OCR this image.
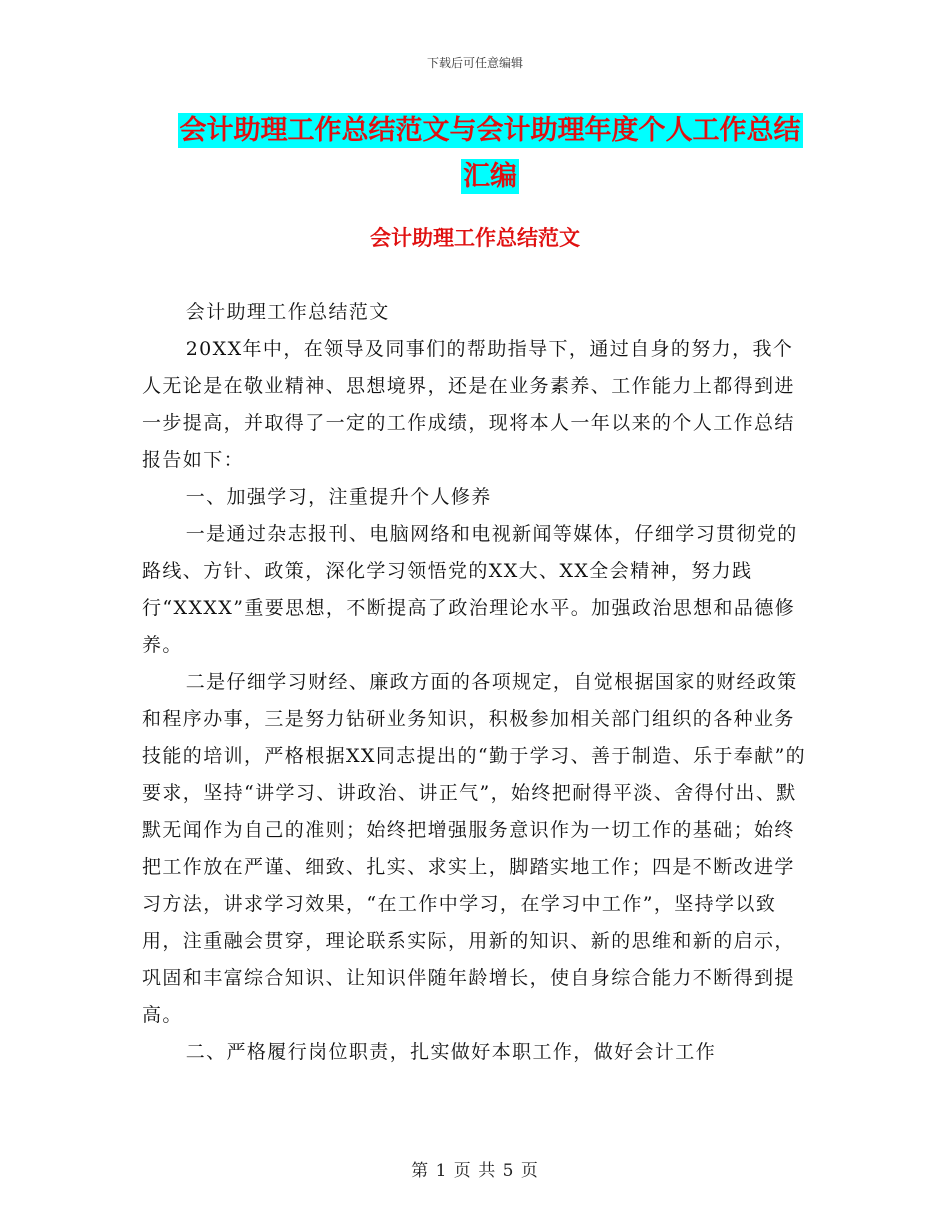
下载后可任意编辑
会计助理工作总结范文与会计助理年度个人工作总结
汇编
会计助理工作总结范文

会计助理工作总结范文

20XX年中，在领导及同事们的帮助指导下，通过自身的努力，我个人无论是在敬业精神、思想境界，还是在业务素养、工作能力上都得到进一步提高，并取得了一定的工作成绩，现将本人一年以来的个人工作总结报告如下：

一、加强学习，注重提升个人修养

一是通过杂志报刊、电脑网络和电视新闻等媒体，仔细学习贯彻党的路线、方针、政策，深化学习领悟党的XX大、XX全会精神，努力践行“XXXX”重要思想，不断提高了政治理论水平。加强政治思想和品德修养。

二是仔细学习财经、廉政方面的各项规定，自觉根据国家的财经政策和程序办事，三是努力钻研业务知识，积极参加相关部门组织的各种业务技能的培训，严格根据XX同志提出的“勤于学习、善于制造、乐于奉献”的要求，坚持“讲学习、讲政治、讲正气”，始终把耐得平淡、舍得付出、默默无闻作为自己的准则；始终把增强服务意识作为一切工作的基础；始终把工作放在严谨、细致、扎实、求实上，脚踏实地工作；四是不断改进学习方法，讲求学习效果，“在工作中学习，在学习中工作”，坚持学以致用，注重融会贯穿，理论联系实际，用新的知识、新的思维和新的启示，巩固和丰富综合知识、让知识伴随年龄增长，使自身综合能力不断得到提高。

二、严格履行岗位职责，扎实做好本职工作，做好会计工作

第 1 页 共 5 页
